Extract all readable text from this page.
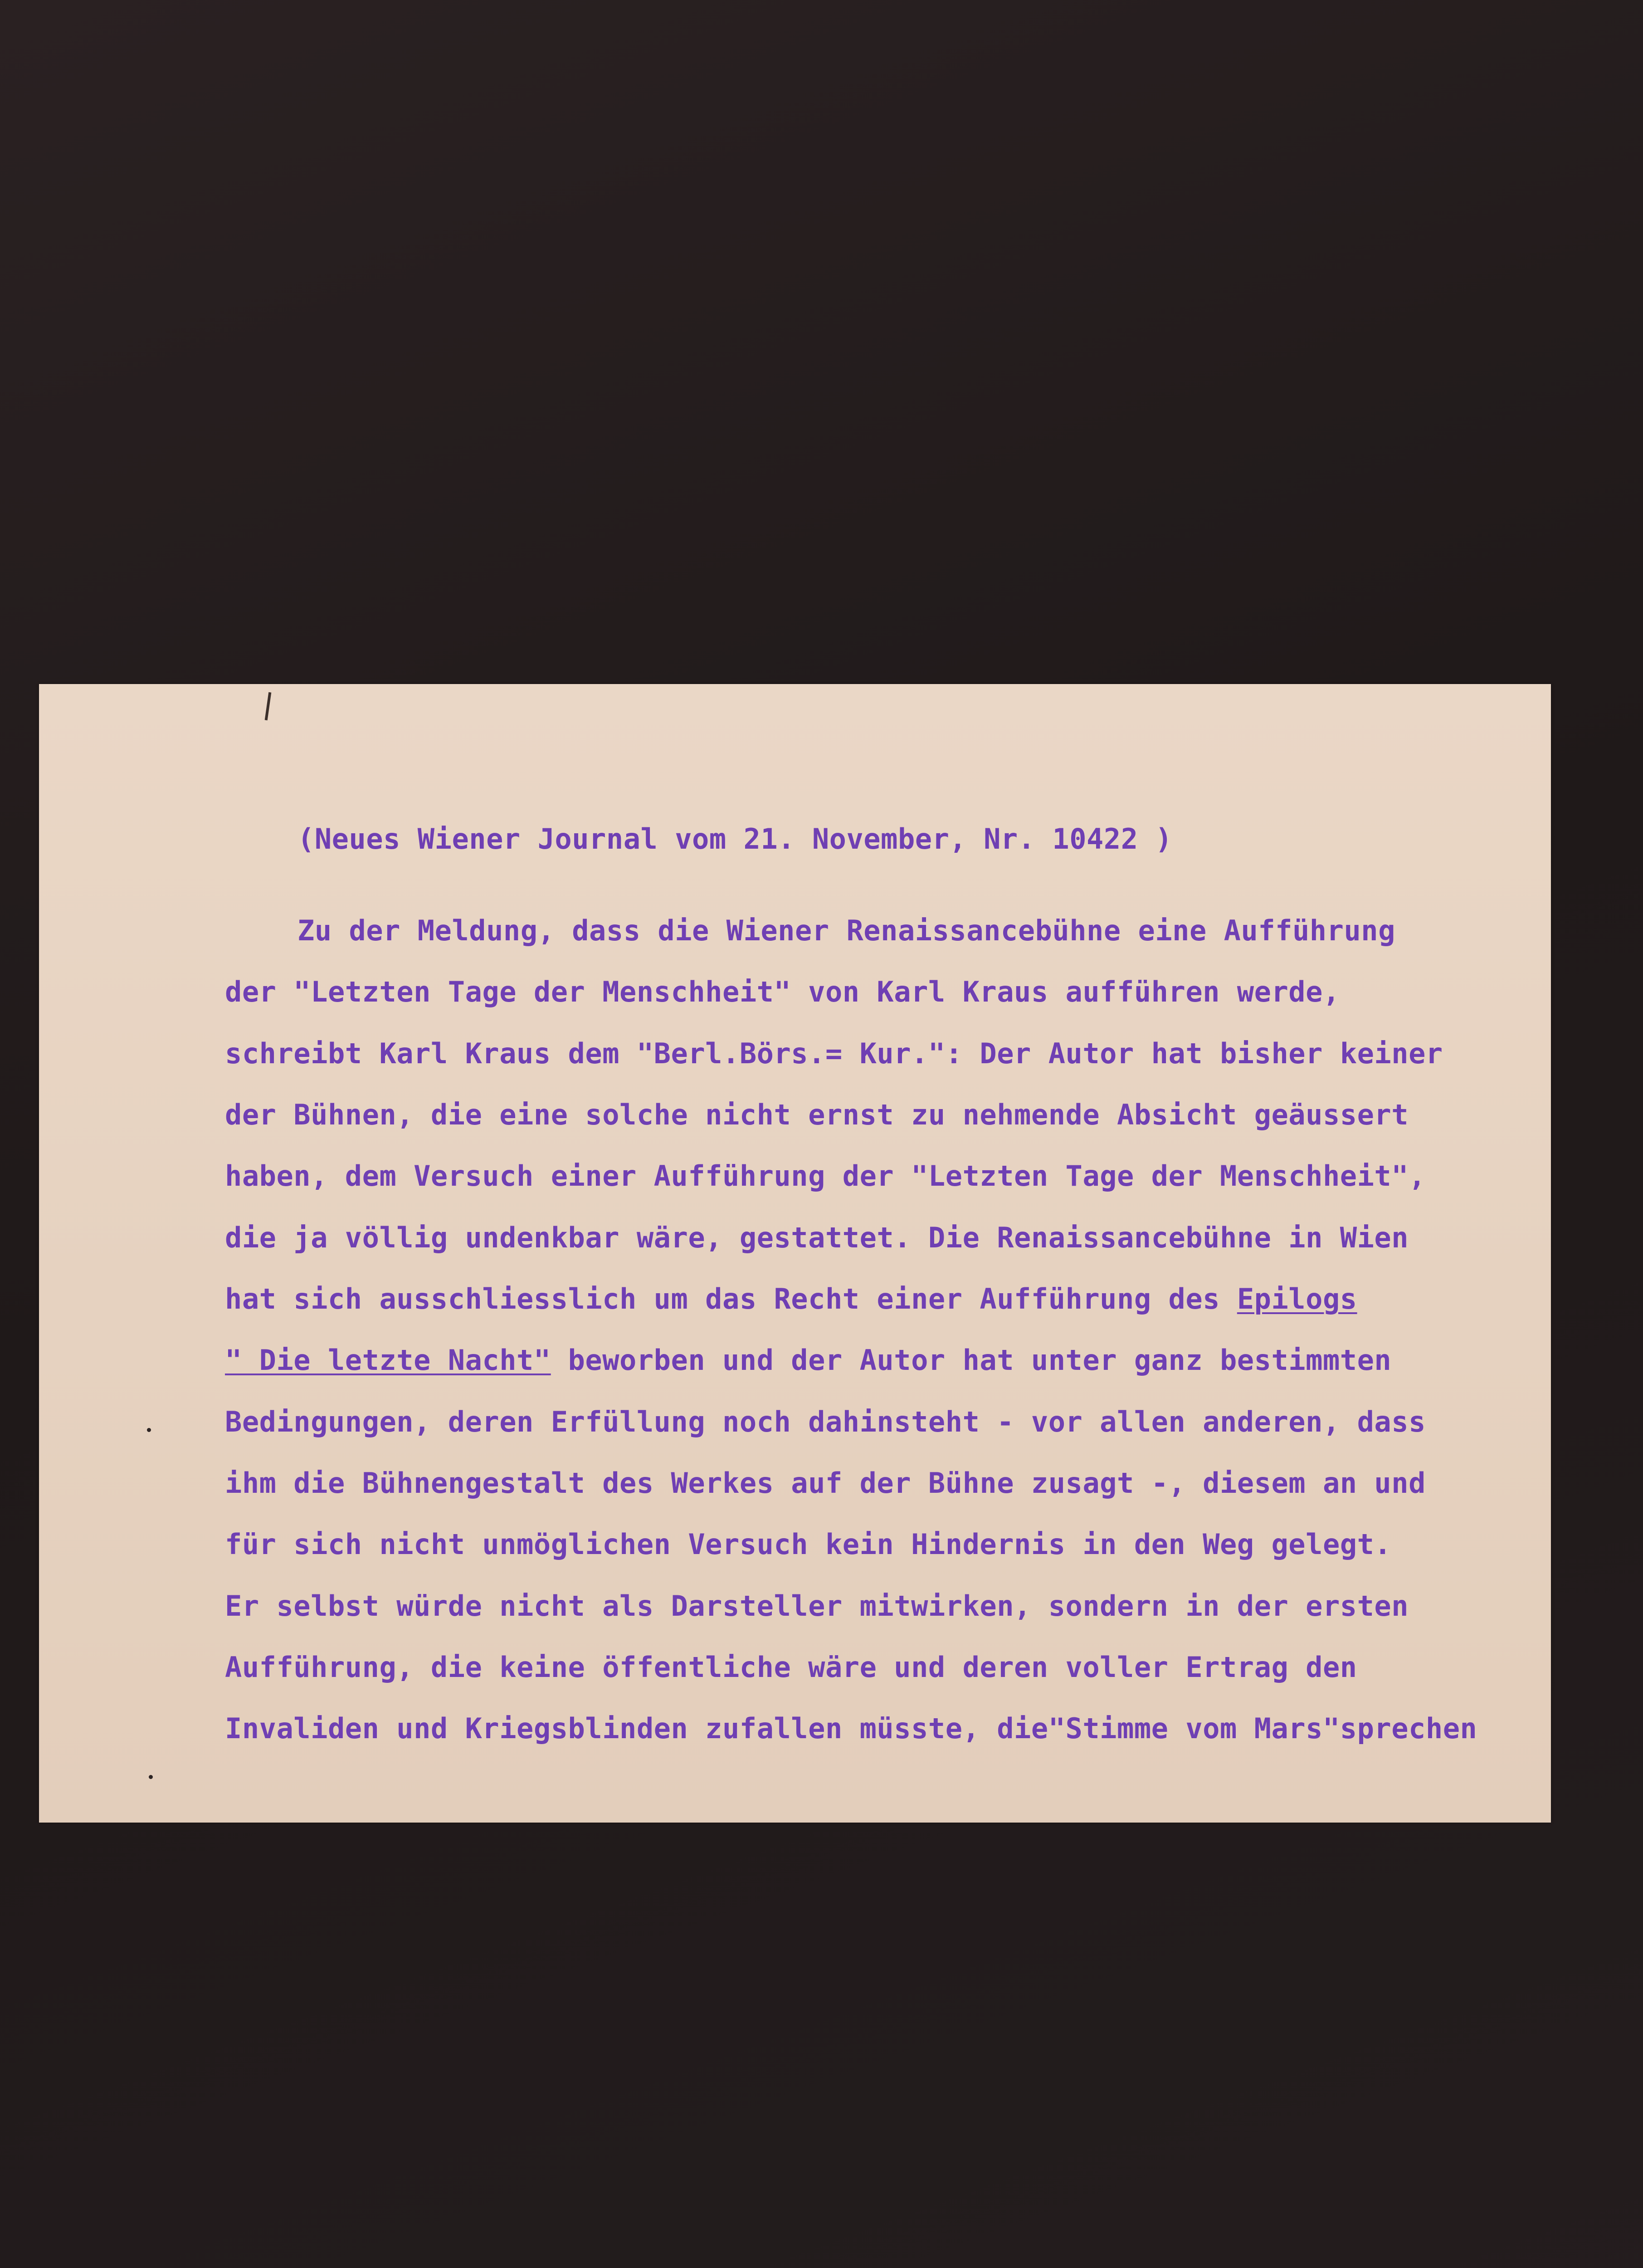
(Neues Wiener Journal vom 21. November, Nr. 10422 )

Zu der Meldung, dass die Wiener Renaissancebühne eine Aufführung

der "Letzten Tage der Menschheit" von Karl Kraus aufführen werde,

schreibt Karl Kraus dem "Berl.Börs.= Kur.": Der Autor hat bisher keiner

der Bühnen, die eine solche nicht ernst zu nehmende Absicht geäussert

haben, dem Versuch einer Aufführung der "Letzten Tage der Menschheit",

die ja völlig undenkbar wäre, gestattet. Die Renaissancebühne in Wien

hat sich ausschliesslich um das Recht einer Aufführung des Epilogs

" Die letzte Nacht" beworben und der Autor hat unter ganz bestimmten

Bedingungen, deren Erfüllung noch dahinsteht - vor allen anderen, dass

ihm die Bühnengestalt des Werkes auf der Bühne zusagt -, diesem an und

für sich nicht unmöglichen Versuch kein Hindernis in den Weg gelegt.

Er selbst würde nicht als Darsteller mitwirken, sondern in der ersten

Aufführung, die keine öffentliche wäre und deren voller Ertrag den

Invaliden und Kriegsblinden zufallen müsste, die"Stimme vom Mars"sprechen
